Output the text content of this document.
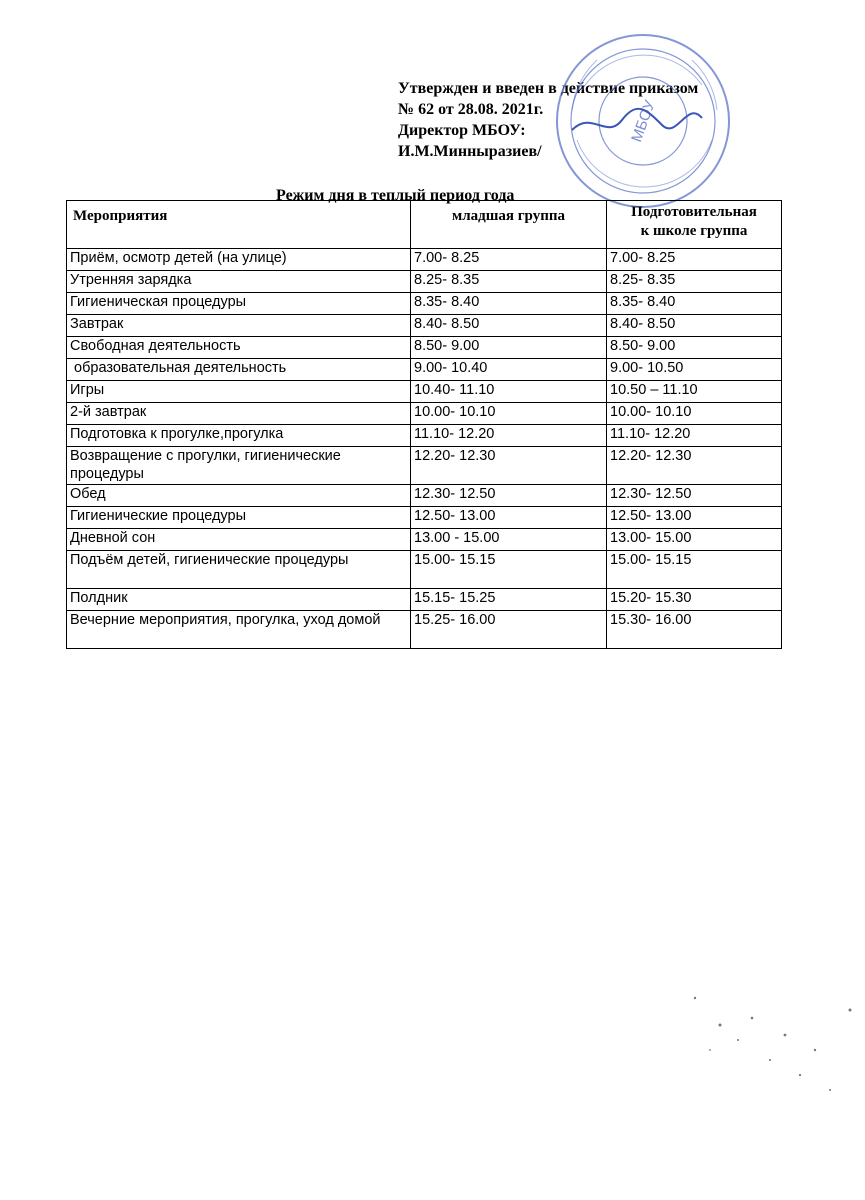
Утвержден и введен в действие приказом
№ 62 от 28.08. 2021г.
Директор МБОУ:
И.М.Минныразиев/
МБОУ
Режим дня в теплый период года
Мероприятия	младшая группа	Подготовительная
к школе группа

Приём, осмотр детей (на улице)	7.00- 8.25	7.00- 8.25
Утренняя зарядка	8.25- 8.35	8.25- 8.35
Гигиеническая процедуры	8.35- 8.40	8.35- 8.40
Завтрак	8.40- 8.50	8.40- 8.50
Свободная деятельность	8.50- 9.00	8.50- 9.00
образовательная деятельность	9.00- 10.40	9.00- 10.50
Игры	10.40- 11.10	10.50 – 11.10
2-й завтрак	10.00- 10.10	10.00- 10.10
Подготовка к прогулке,прогулка	11.10- 12.20	11.10- 12.20
Возвращение с прогулки, гигиенические процедуры	12.20- 12.30	12.20- 12.30
Обед	12.30- 12.50	12.30- 12.50
Гигиенические процедуры	12.50- 13.00	12.50- 13.00
Дневной сон	13.00 - 15.00	13.00- 15.00
Подъём детей, гигиенические процедуры	15.00- 15.15	15.00- 15.15
Полдник	15.15- 15.25	15.20- 15.30
Вечерние мероприятия, прогулка, уход домой	15.25- 16.00	15.30- 16.00
